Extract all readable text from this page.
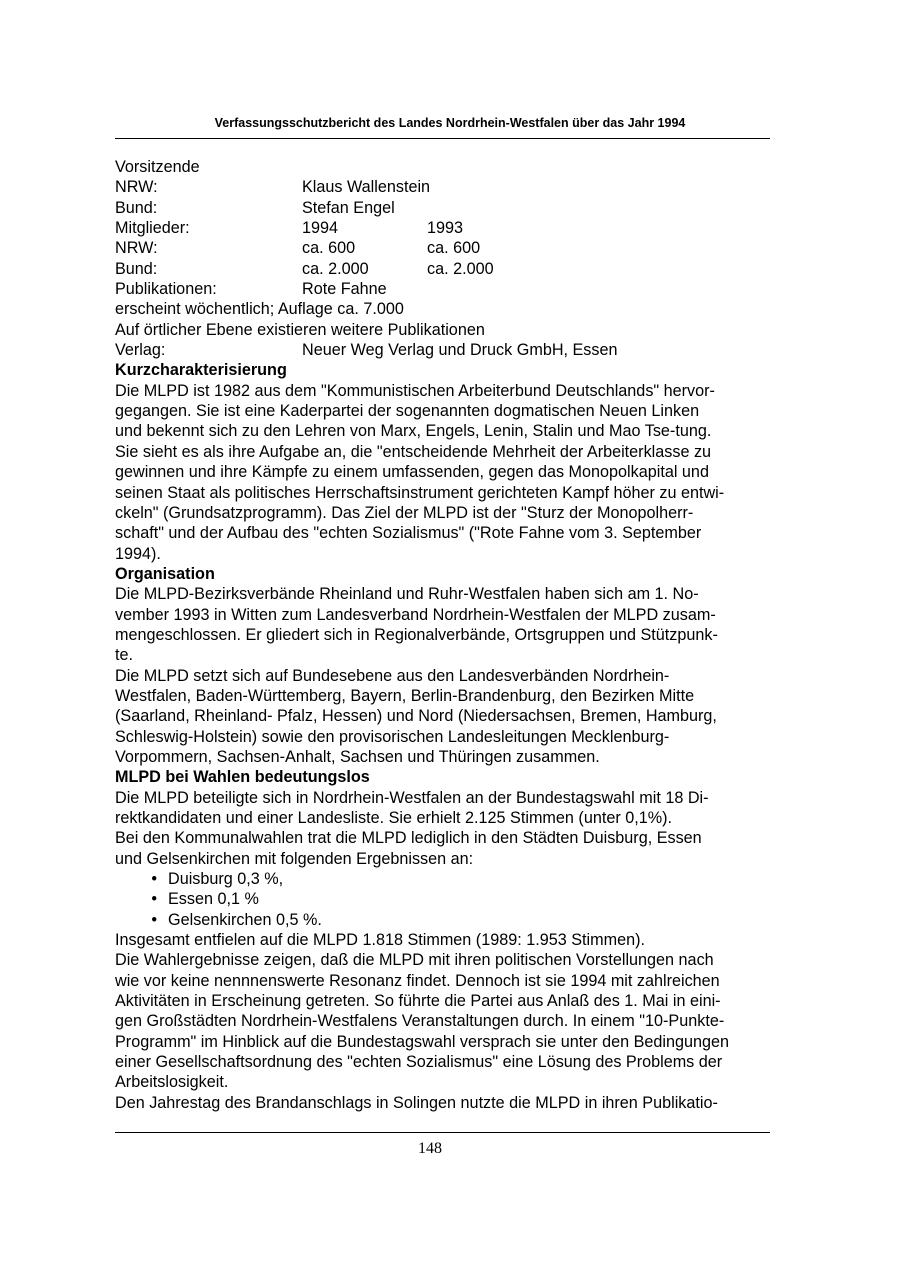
Verfassungsschutzbericht des Landes Nordrhein-Westfalen über das Jahr 1994
Vorsitzende
NRW:	Klaus Wallenstein
Bund:	Stefan Engel
Mitglieder:	1994	1993
NRW:	ca. 600	ca. 600
Bund:	ca. 2.000	ca. 2.000
Publikationen:	Rote Fahne
erscheint wöchentlich; Auflage ca. 7.000
Auf örtlicher Ebene existieren weitere Publikationen
Verlag:	Neuer Weg Verlag und Druck GmbH, Essen
Kurzcharakterisierung
Die MLPD ist 1982 aus dem "Kommunistischen Arbeiterbund Deutschlands" hervor-
gegangen. Sie ist eine Kaderpartei der sogenannten dogmatischen Neuen Linken
und bekennt sich zu den Lehren von Marx, Engels, Lenin, Stalin und Mao Tse-tung.
Sie sieht es als ihre Aufgabe an, die "entscheidende Mehrheit der Arbeiterklasse zu
gewinnen und ihre Kämpfe zu einem umfassenden, gegen das Monopolkapital und
seinen Staat als politisches Herrschaftsinstrument gerichteten Kampf höher zu entwi-
ckeln" (Grundsatzprogramm). Das Ziel der MLPD ist der "Sturz der Monopolherr-
schaft" und der Aufbau des "echten Sozialismus" ("Rote Fahne vom 3. September
1994).
Organisation
Die MLPD-Bezirksverbände Rheinland und Ruhr-Westfalen haben sich am 1. No-
vember 1993 in Witten zum Landesverband Nordrhein-Westfalen der MLPD zusam-
mengeschlossen. Er gliedert sich in Regionalverbände, Ortsgruppen und Stützpunk-
te.
Die MLPD setzt sich auf Bundesebene aus den Landesverbänden Nordrhein-
Westfalen, Baden-Württemberg, Bayern, Berlin-Brandenburg, den Bezirken Mitte
(Saarland, Rheinland- Pfalz, Hessen) und Nord (Niedersachsen, Bremen, Hamburg,
Schleswig-Holstein) sowie den provisorischen Landesleitungen Mecklenburg-
Vorpommern, Sachsen-Anhalt, Sachsen und Thüringen zusammen.
MLPD bei Wahlen bedeutungslos
Die MLPD beteiligte sich in Nordrhein-Westfalen an der Bundestagswahl mit 18 Di-
rektkandidaten und einer Landesliste. Sie erhielt 2.125 Stimmen (unter 0,1%).
Bei den Kommunalwahlen trat die MLPD lediglich in den Städten Duisburg, Essen
und Gelsenkirchen mit folgenden Ergebnissen an:
• Duisburg 0,3 %,
• Essen 0,1 %
• Gelsenkirchen 0,5 %.
Insgesamt entfielen auf die MLPD 1.818 Stimmen (1989: 1.953 Stimmen).
Die Wahlergebnisse zeigen, daß die MLPD mit ihren politischen Vorstellungen nach
wie vor keine nennnenswerte Resonanz findet. Dennoch ist sie 1994 mit zahlreichen
Aktivitäten in Erscheinung getreten. So führte die Partei aus Anlaß des 1. Mai in eini-
gen Großstädten Nordrhein-Westfalens Veranstaltungen durch. In einem "10-Punkte-
Programm" im Hinblick auf die Bundestagswahl versprach sie unter den Bedingungen
einer Gesellschaftsordnung des "echten Sozialismus" eine Lösung des Problems der
Arbeitslosigkeit.
Den Jahrestag des Brandanschlags in Solingen nutzte die MLPD in ihren Publikatio-
148
